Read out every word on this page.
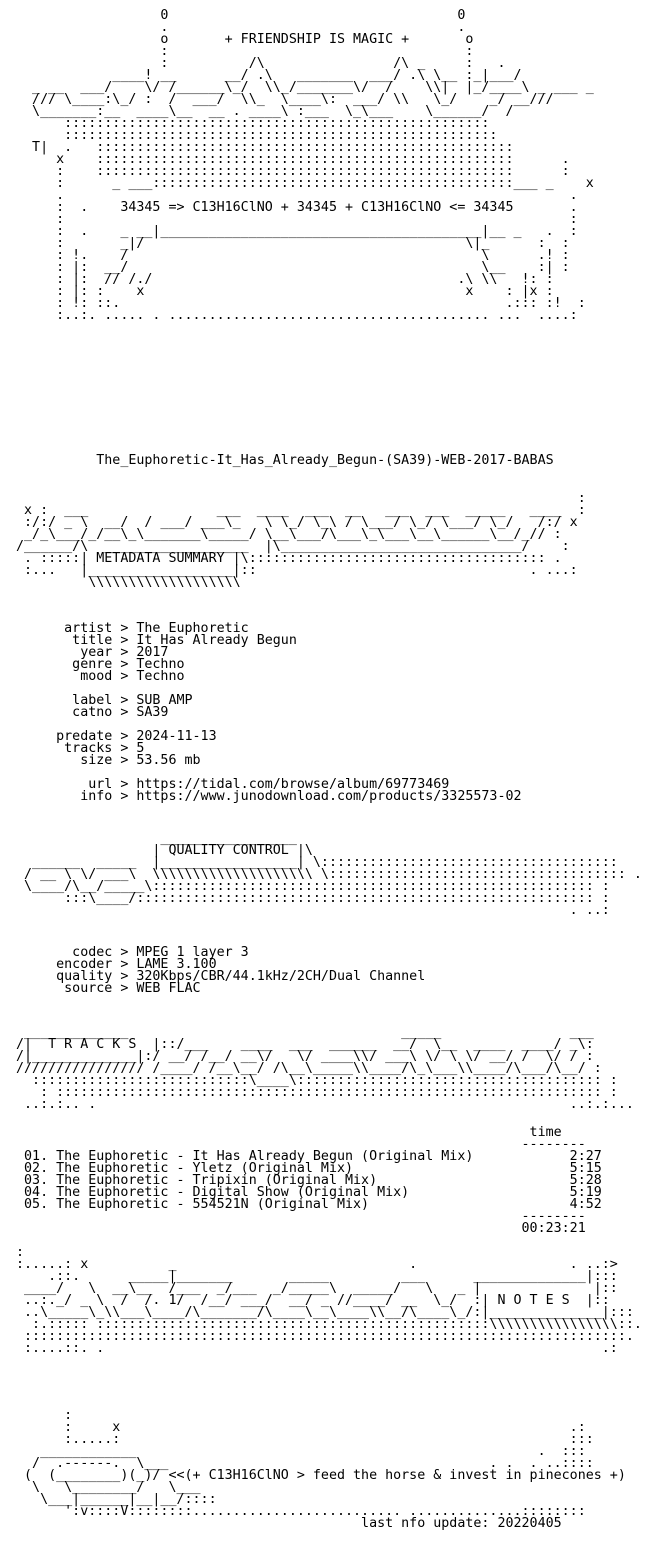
0                                    0
.                                    .
o       + FRIENDSHIP IS MAGIC +       o
:                                     :
:          /\                /\ _     :   .
____! __      __/ .\   _______  ___/ .\ \__ :_|___/
_ __  ___/    \/ /______\_/  \\_/_______\/  /    \\|  |_/____\ _ ___ _
/// \____:\_/ :  /  ___/  \\_  \____\:  ___/ \\   \_/    _/ __///
\_______:__  ____\__  __ . ____\ :___  \_\___    \______/  /
:::::::::::::::::::::::::::::::::::::::::::::::::::::
::::::::::::::::::::::::::::::::::::::::::::::::::::::
T|  .   ::::::::::::::::::::::::::::::::::::::::::::::::::::
x    ::::::::::::::::::::::::::::::::::::::::::::::::::::      .
:    ::::::::::::::::::::::::::::::::::::::::::::::::::::      :
:      _ ___:::::::::::::::::::::::::::::::::::::::::::::___ _    x
.                                                               .
:  .    34345 => C13H16ClNO + 34345 + C13H16ClNO <= 34345       .
:                                                               :
:  .    _ __|________________________________________|__ _   .  :
:       _|/                                        \|_      :  :
: !.    /                                            \      .! :
: |:  __/                                            \__    :| :
: |:  // /./                                      .\ \\   !: :
: |: :    x                                        x    : |x :
: !: ::.                                                .::: :!  :
:..:. ..... . ........................................ ...  ....:
The_Euphoretic-It_Has_Already_Begun-(SA39)-WEB-2017-BABAS
:
x :  ___                ___  ____  ___  __   ___  ___  _____   ____  :
:/:/ _ \  __/  / ___/ ___\_   \ \_/ \_\ / \___/ \_/ \___/ \_/   /:/ x
_/_\___/_/__\_\_______\_____/ \__\___/\___\_\___\__\______\__/_// :
/______/\  __________________  |\______________________________/    :
. :::::| METADATA SUMMARY |\::::::::::::::::::::::::::::::::::::: .
:...   |__________________|::                                  . ...:
\\\\\\\\\\\\\\\\\\\
artist > The Euphoretic
title > It Has Already Begun
year > 2017
genre > Techno
mood > Techno

label > SUB AMP
catno > SA39

predate > 2024-11-13
tracks > 5
size > 53.56 mb

url > https://tidal.com/browse/album/69773469
info > https://www.junodownload.com/products/3325573-02
_________________
| QUALITY CONTROL |\
______  _____  |_________________| \:::::::::::::::::::::::::::::::::::::
/ __ \ \/ ___\  \\\\\\\\\\\\\\\\\\\\ \::::::::::::::::::::::::::::::::::::: .
\____/\__/_____\::::::::::::::::::::::::::::::::::::::::::::::::::::::: :
:::\____/::::::::::::::::::::::::::::::::::::::::::::::::::::::::: :
. ..:
codec > MPEG 1 layer 3
encoder > LAME 3.100
quality > 320Kbps/CBR/44.1kHz/2CH/Dual Channel
source > WEB FLAC
_____________                                  _____                ___
/|  T R A C K S  |::/___    ____  ___  ______  __/  \__  ____  ____/ _\:
/|_____________|:/ __/ /__/ __\/   \/ ____\\/ ___\ \/ \ \/ __/ /  \/ / :
//////////////// /____/ /__\__/ /\__\_____\\____/\_\___\\____/\___/\__/ :
:::::::::::::::::::::::::::\____\:::::::::::::::::::::::::::::::::::::: :
: :::::::::::::::::::::::::::::::::::::::::::::::::::::::::::::::::::: :
..:.:.. .                                                           ..:.:...
time
--------
01. The Euphoretic - It Has Already Begun (Original Mix)            2:27
02. The Euphoretic - Yletz (Original Mix)                           5:15
03. The Euphoretic - Tripixin (Original Mix)                        5:28
04. The Euphoretic - Digital Show (Original Mix)                    5:19
05. The Euphoretic - 554521N (Original Mix)                         4:52
--------
00:23:21
:
:.....: x          _                             .                   . ..:>
.::.      _____|_______       _____         ___      ______________|:::
____/   \  __\__  /___  _/___  _/_____\  _____/   \   _ |              |::
..:._/ _ \  /  /. 1/  /__/ ___/  __/ _ //____/ __  \_/  :| N O T E S  |::
..\_____\_\\___\____/\_______/\____\__\____\\__/\____\_/:|______________|:::
:.::::: :::::::::::::::::::::::::::::::::::::::::::::::::\\\\\\\\\\\\\\\\::.
:::::::::::::::::::::::::::::::::::::::::::::::::::::::::::::::::::::::::::.
:....::. .                                                              .:
:
:     x                                                        .:
:.....:                                                        :::
____________                                                  .  :::
/  .------.  \___                                        . .  . ..::::
(  (________)(_)/ <<(+ C13H16ClNO > feed the horse & invest in pinecones +)
\   \________/   \___
\___|______|__|__/::::
':v::::V::::::::.......................... ..............::::::::
last nfo update: 20220405
